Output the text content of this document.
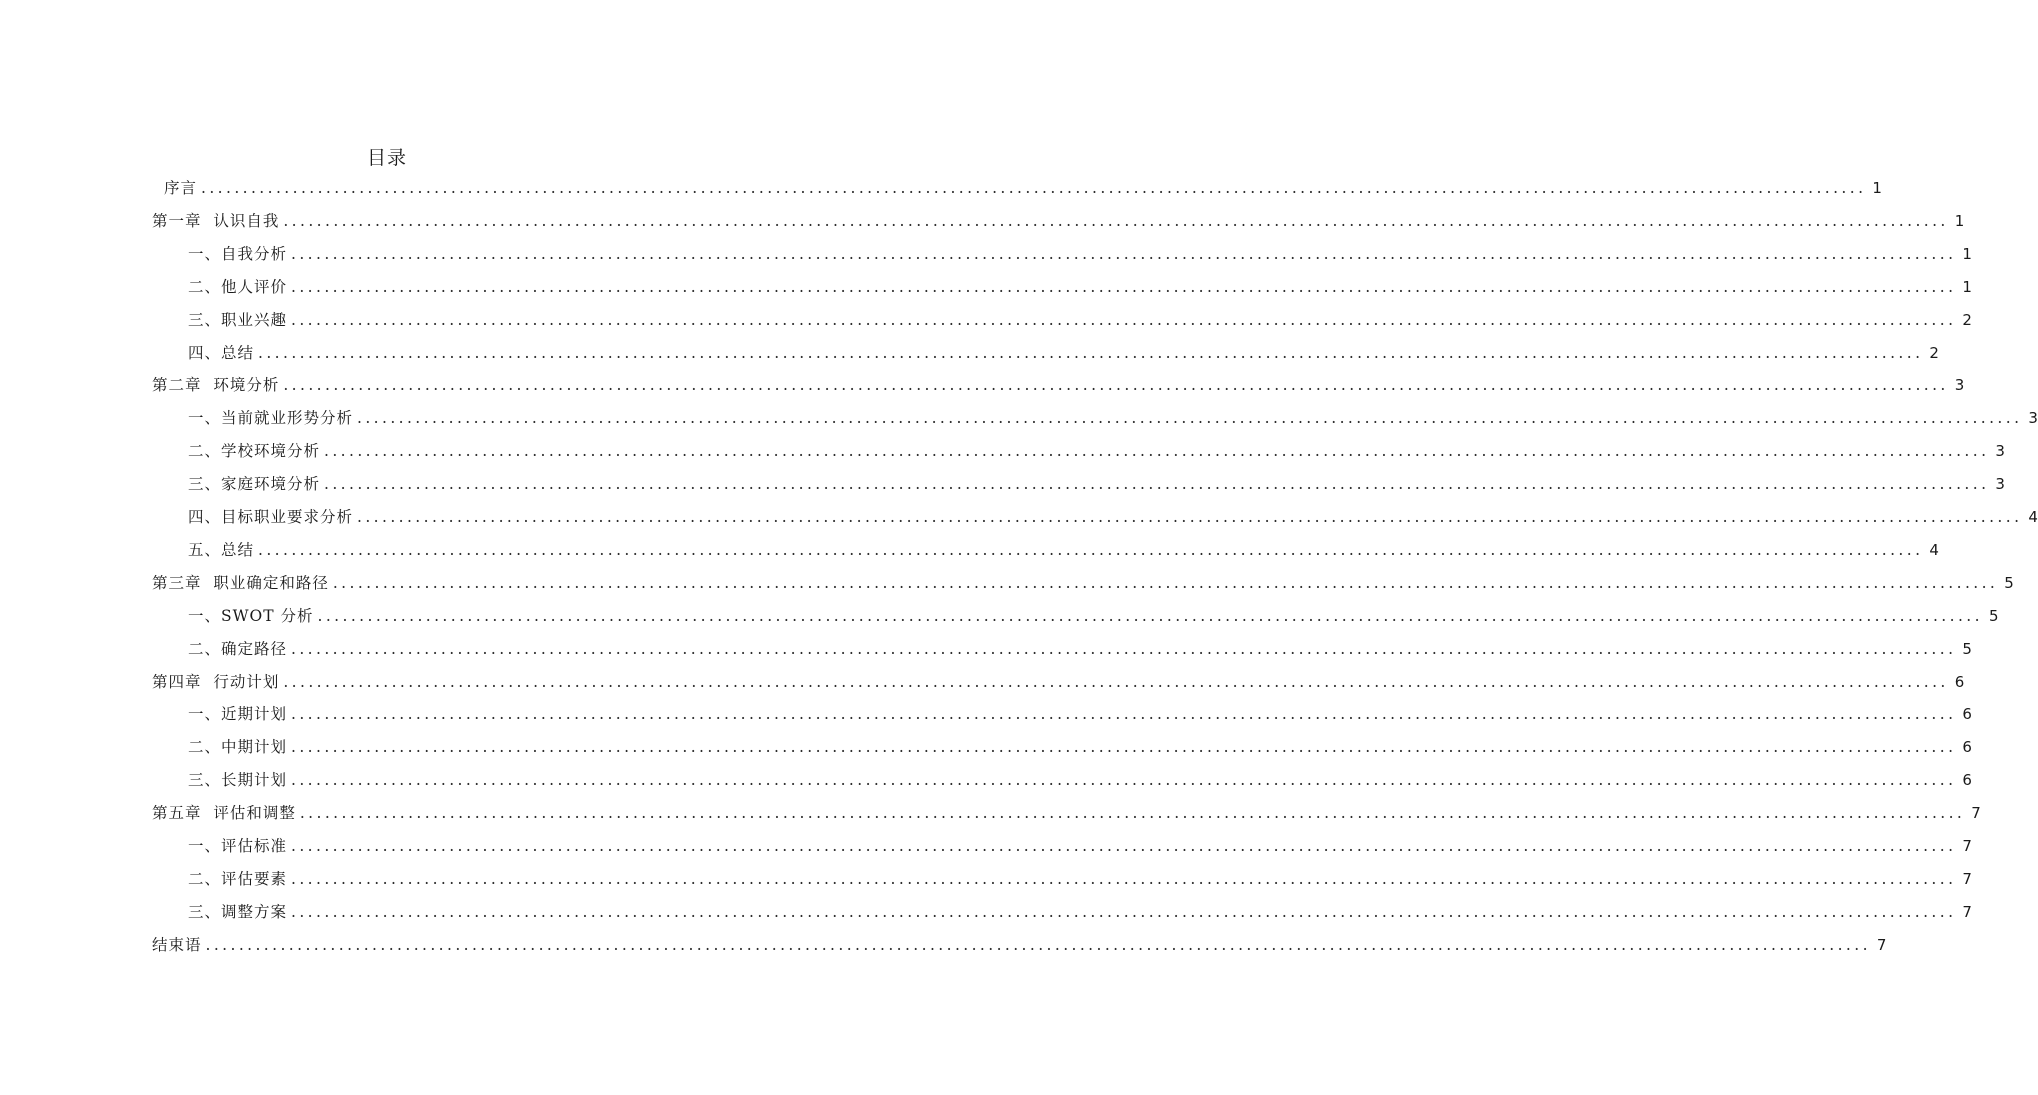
目录
序言 ........................................................................................................................................................................................................ 1
第一章  认识自我 ........................................................................................................................................................................................................ 1
一、自我分析 ........................................................................................................................................................................................................ 1
二、他人评价 ........................................................................................................................................................................................................ 1
三、职业兴趣 ........................................................................................................................................................................................................ 2
四、总结 ........................................................................................................................................................................................................ 2
第二章  环境分析 ........................................................................................................................................................................................................ 3
一、当前就业形势分析 ........................................................................................................................................................................................................ 3
二、学校环境分析 ........................................................................................................................................................................................................ 3
三、家庭环境分析 ........................................................................................................................................................................................................ 3
四、目标职业要求分析 ........................................................................................................................................................................................................ 4
五、总结 ........................................................................................................................................................................................................ 4
第三章  职业确定和路径 ........................................................................................................................................................................................................ 5
一、SWOT 分析 ........................................................................................................................................................................................................ 5
二、确定路径 ........................................................................................................................................................................................................ 5
第四章  行动计划 ........................................................................................................................................................................................................ 6
一、近期计划 ........................................................................................................................................................................................................ 6
二、中期计划 ........................................................................................................................................................................................................ 6
三、长期计划 ........................................................................................................................................................................................................ 6
第五章  评估和调整 ........................................................................................................................................................................................................ 7
一、评估标准 ........................................................................................................................................................................................................ 7
二、评估要素 ........................................................................................................................................................................................................ 7
三、调整方案 ........................................................................................................................................................................................................ 7
结束语 ........................................................................................................................................................................................................ 7
